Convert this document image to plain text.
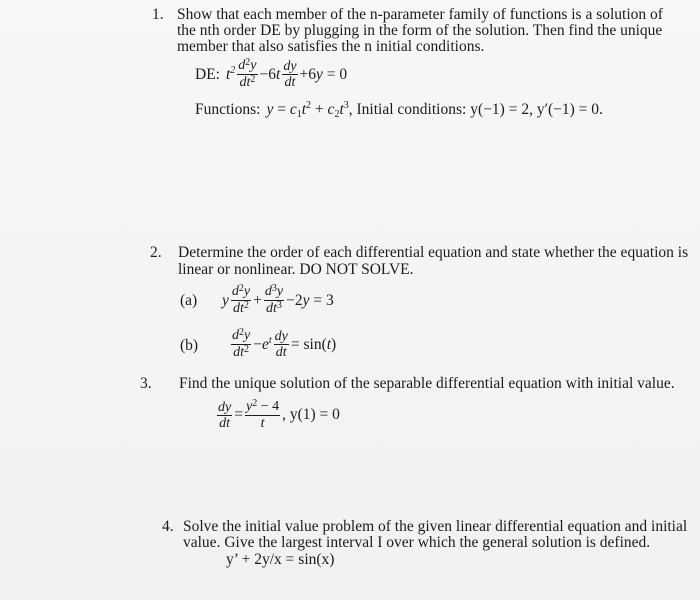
1. Show that each member of the n-parameter family of functions is a solution of
the nth order DE by plugging in the form of the solution. Then find the unique
member that also satisfies the n initial conditions.
DE: $t^2 \frac{d^2y}{dt^2} -6t \frac{dy}{dt} +6y = 0$
Functions: $y = c1t^2 + c2t^3$ , Initial conditions: y(−1) = 2, y′(−1) = 0.
2. Determine the order of each differential equation and state whether the equation is
linear or nonlinear. DO NOT SOLVE.
(a) y $\frac{d^2y}{dt^2} + \frac{d^3y}{dt^3} -2y = 3$
$(b) \frac{d^2y}{dt^2} -e^t \frac{dy}{dt} = \sin(t)$
3. Find the unique solution of the separable differential equation with initial value.
$\frac{dy}{dt} = \frac{y^2 - 4}{t}$ , y(1) = 0
4. Solve the initial value problem of the given linear differential equation and initial
value. Give the largest interval I over which the general solution is defined.
y’ + 2y/x = sin(x)
